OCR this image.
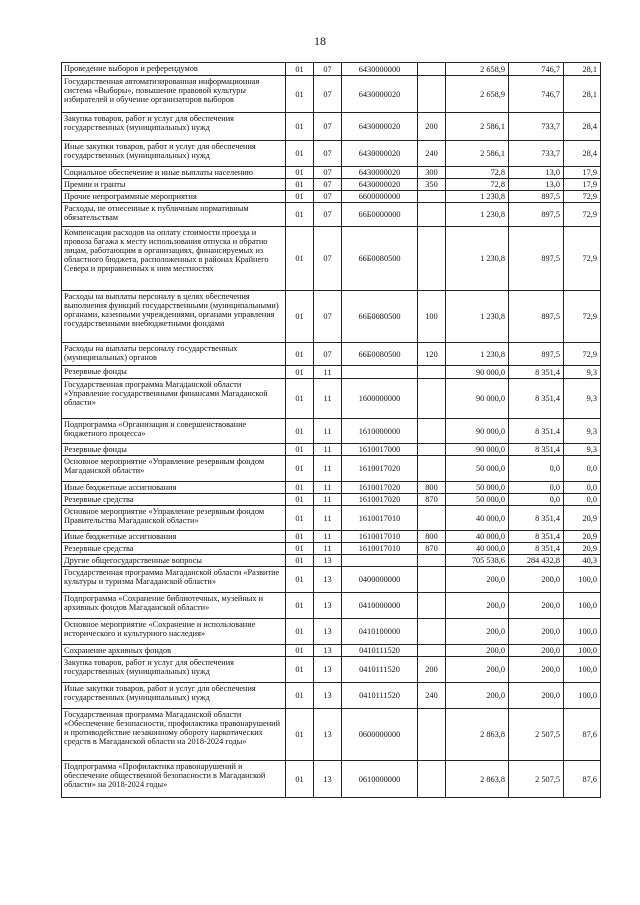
18
Проведение выборов и референдумов	01	07	6430000000		2 658,9	746,7	28,1
Государственная автоматизированная информационная система «Выборы», повышение правовой культуры избирателей и обучение организаторов выборов	01	07	6430000020		2 658,9	746,7	28,1
Закупка товаров, работ и услуг для обеспечения государственных (муниципальных) нужд	01	07	6430000020	200	2 586,1	733,7	28,4
Иные закупки товаров, работ и услуг для обеспечения государственных (муниципальных) нужд	01	07	6430000020	240	2 586,1	733,7	28,4
Социальное обеспечение и иные выплаты населению	01	07	6430000020	300	72,8	13,0	17,9
Премии и гранты	01	07	6430000020	350	72,8	13,0	17,9
Прочие непрограммные мероприятия	01	07	6600000000		1 230,8	897,5	72,9
Расходы, не отнесенные к публичным нормативным обязательствам	01	07	66Б0000000		1 230,8	897,5	72,9
Компенсация расходов на оплату стоимости проезда и провоза багажа к месту использования отпуска и обратно лицам, работающим в организациях, финансируемых из областного бюджета, расположенных в районах Крайнего Севера и приравненных к ним местностях	01	07	66Б0080500		1 230,8	897,5	72,9
Расходы на выплаты персоналу в целях обеспечения выполнения функций государственными (муниципальными) органами, казенными учреждениями, органами управления государственными внебюджетными фондами	01	07	66Б0080500	100	1 230,8	897,5	72,9
Расходы на выплаты персоналу государственных (муниципальных) органов	01	07	66Б0080500	120	1 230,8	897,5	72,9
Резервные фонды	01	11			90 000,0	8 351,4	9,3
Государственная программа Магаданской области «Управление государственными финансами Магаданской области»	01	11	1600000000		90 000,0	8 351,4	9,3
Подпрограмма «Организация и совершенствование бюджетного процесса»	01	11	1610000000		90 000,0	8 351,4	9,3
Резервные фонды	01	11	1610017000		90 000,0	8 351,4	9,3
Основное мероприятие «Управление резервным фондом Магаданской области»	01	11	1610017020		50 000,0	0,0	0,0
Иные бюджетные ассигнования	01	11	1610017020	800	50 000,0	0,0	0,0
Резервные средства	01	11	1610017020	870	50 000,0	0,0	0,0
Основное мероприятие «Управление резервным фондом Правительства Магаданской области»	01	11	1610017010		40 000,0	8 351,4	20,9
Иные бюджетные ассигнования	01	11	1610017010	800	40 000,0	8 351,4	20,9
Резервные средства	01	11	1610017010	870	40 000,0	8 351,4	20,9
Другие общегосударственные вопросы	01	13			705 538,6	284 432,8	40,3
Государственная программа Магаданской области «Развитие культуры и туризма Магаданской области»	01	13	0400000000		200,0	200,0	100,0
Подпрограмма «Сохранение библиотечных, музейных и архивных фондов Магаданской области»	01	13	0410000000		200,0	200,0	100,0
Основное мероприятие «Сохранение и использование исторического и культурного наследия»	01	13	0410100000		200,0	200,0	100,0
Сохранение архивных фондов	01	13	0410111520		200,0	200,0	100,0
Закупка товаров, работ и услуг для обеспечения государственных (муниципальных) нужд	01	13	0410111520	200	200,0	200,0	100,0
Иные закупки товаров, работ и услуг для обеспечения государственных (муниципальных) нужд	01	13	0410111520	240	200,0	200,0	100,0
Государственная программа Магаданской области «Обеспечение безопасности, профилактика правонарушений и противодействие незаконному обороту наркотических средств в Магаданской области на 2018-2024 годы»	01	13	0600000000		2 863,8	2 507,5	87,6
Подпрограмма «Профилактика правонарушений и обеспечение общественной безопасности в Магаданской области» на 2018-2024 годы»	01	13	0610000000		2 863,8	2 507,5	87,6
